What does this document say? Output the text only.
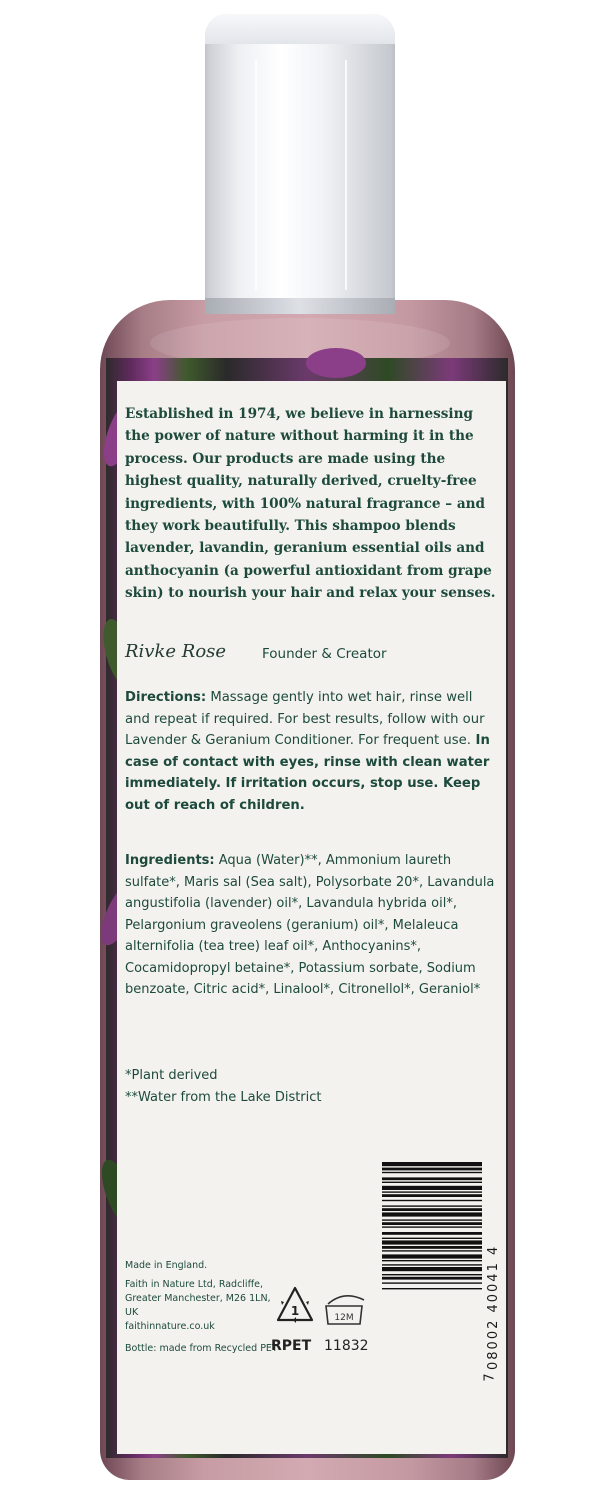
Established in 1974, we believe in harnessing the power of nature without harming it in the process. Our products are made using the highest quality, naturally derived, cruelty-free ingredients, with 100% natural fragrance – and they work beautifully. This shampoo blends lavender, lavandin, geranium essential oils and anthocyanin (a powerful antioxidant from grape skin) to nourish your hair and relax your senses.
Rivke Rose	Founder & Creator
Directions: Massage gently into wet hair, rinse well and repeat if required. For best results, follow with our Lavender & Geranium Conditioner. For frequent use. In case of contact with eyes, rinse with clean water immediately. If irritation occurs, stop use. Keep out of reach of children.
Ingredients: Aqua (Water)**, Ammonium laureth sulfate*, Maris sal (Sea salt), Polysorbate 20*, Lavandula angustifolia (lavender) oil*, Lavandula hybrida oil*, Pelargonium graveolens (geranium) oil*, Melaleuca alternifolia (tea tree) leaf oil*, Anthocyanins*, Cocamidopropyl betaine*, Potassium sorbate, Sodium benzoate, Citric acid*, Linalool*, Citronellol*, Geraniol*
*Plant derived
**Water from the Lake District
08002 40041 4
7
Made in England.
Faith in Nature Ltd, Radcliffe,
Greater Manchester, M26 1LN, UK
faithinnature.co.uk
Bottle: made from Recycled PET
1
RPET 11832
12M
